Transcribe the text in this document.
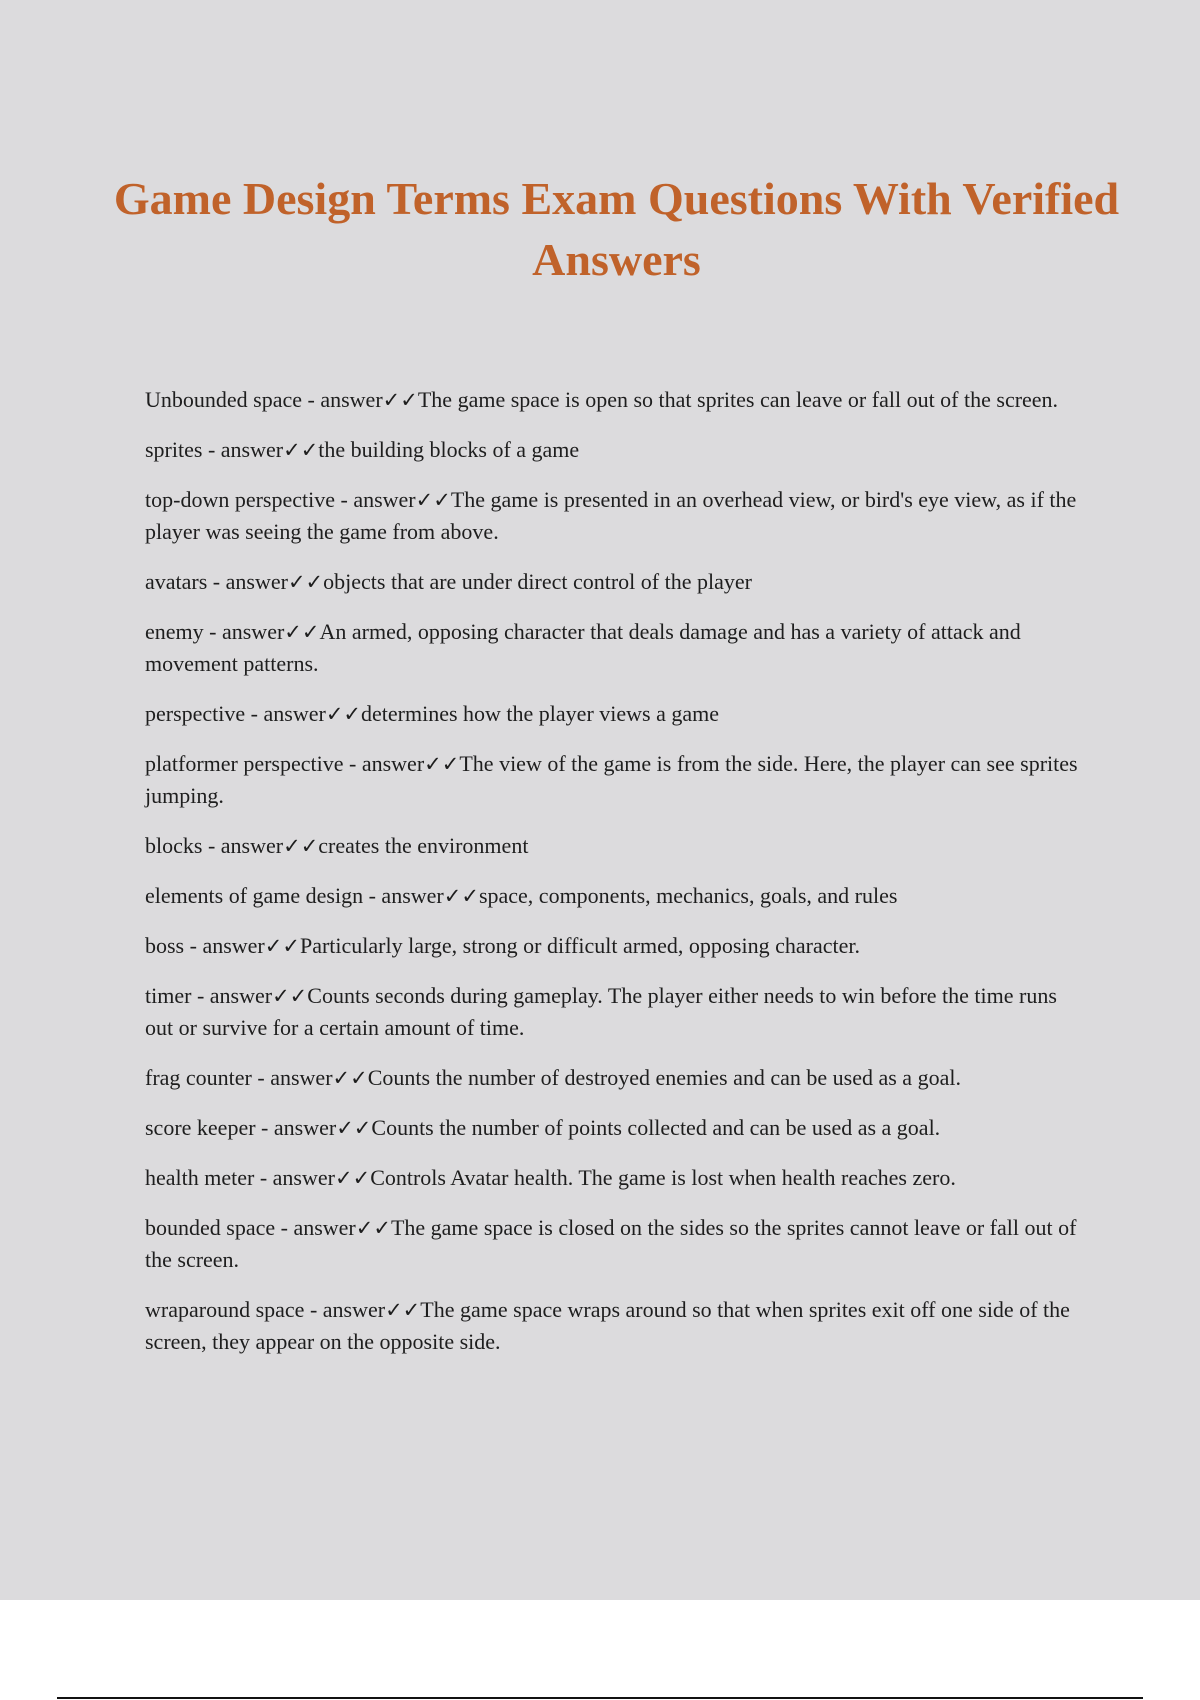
Game Design Terms Exam Questions With Verified Answers
Unbounded space - answer✓✓The game space is open so that sprites can leave or fall out of the screen.
sprites - answer✓✓the building blocks of a game
top-down perspective - answer✓✓The game is presented in an overhead view, or bird's eye view, as if the player was seeing the game from above.
avatars - answer✓✓objects that are under direct control of the player
enemy - answer✓✓An armed, opposing character that deals damage and has a variety of attack and movement patterns.
perspective - answer✓✓determines how the player views a game
platformer perspective - answer✓✓The view of the game is from the side. Here, the player can see sprites jumping.
blocks - answer✓✓creates the environment
elements of game design - answer✓✓space, components, mechanics, goals, and rules
boss - answer✓✓Particularly large, strong or difficult armed, opposing character.
timer - answer✓✓Counts seconds during gameplay. The player either needs to win before the time runs out or survive for a certain amount of time.
frag counter - answer✓✓Counts the number of destroyed enemies and can be used as a goal.
score keeper - answer✓✓Counts the number of points collected and can be used as a goal.
health meter - answer✓✓Controls Avatar health. The game is lost when health reaches zero.
bounded space - answer✓✓The game space is closed on the sides so the sprites cannot leave or fall out of the screen.
wraparound space - answer✓✓The game space wraps around so that when sprites exit off one side of the screen, they appear on the opposite side.
